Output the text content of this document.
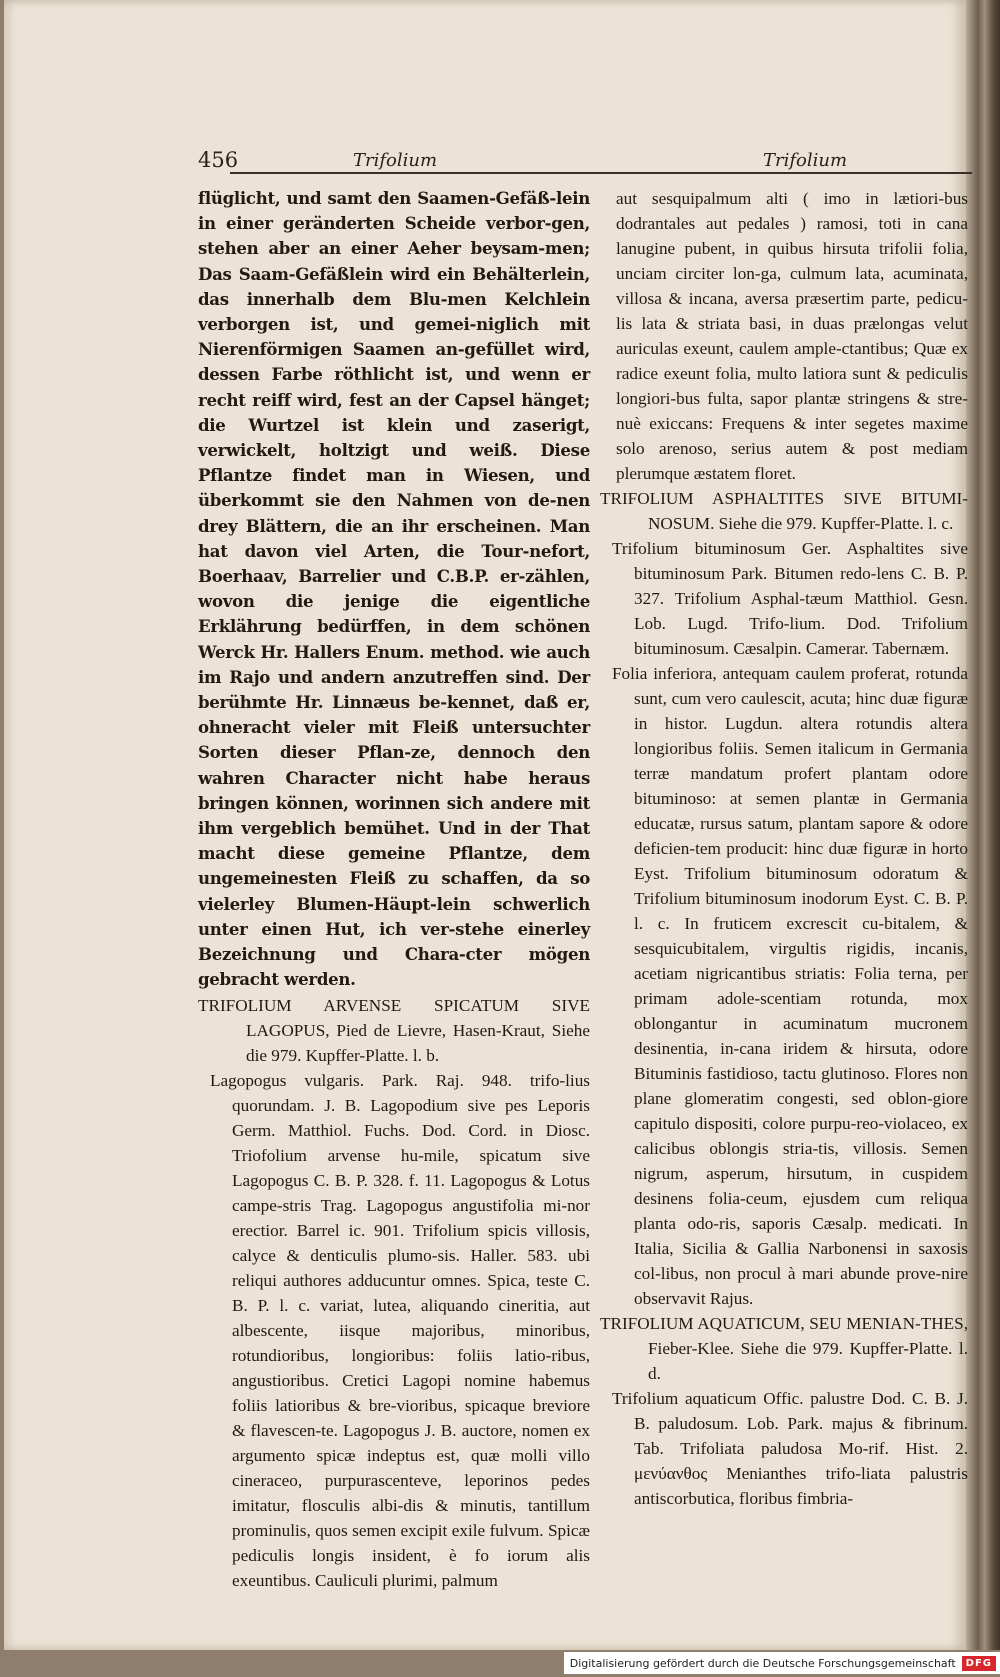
456	Trifolium	Trifolium

flüglicht, und samt den Saamen-Gefäß-lein in einer geränderten Scheide verbor-gen, stehen aber an einer Aeher beysam-men; Das Saam-Gefäßlein wird ein Behälterlein, das innerhalb dem Blu-men Kelchlein verborgen ist, und gemei-niglich mit Nierenförmigen Saamen an-gefüllet wird, dessen Farbe röthlicht ist, und wenn er recht reiff wird, fest an der Capsel hänget; die Wurtzel ist klein und zaserigt, verwickelt, holtzigt und weiß. Diese Pflantze findet man in Wiesen, und überkommt sie den Nahmen von de-nen drey Blättern, die an ihr erscheinen. Man hat davon viel Arten, die Tour-nefort, Boerhaav, Barrelier und C.B.P. er-zählen, wovon die jenige die eigentliche Erklährung bedürffen, in dem schönen Werck Hr. Hallers Enum. method. wie auch im Rajo und andern anzutreffen sind. Der berühmte Hr. Linnæus be-kennet, daß er, ohneracht vieler mit Fleiß untersuchter Sorten dieser Pflan-ze, dennoch den wahren Character nicht habe heraus bringen können, worinnen sich andere mit ihm vergeblich bemühet. Und in der That macht diese gemeine Pflantze, dem ungemeinesten Fleiß zu schaffen, da so vielerley Blumen-Häupt-lein schwerlich unter einen Hut, ich ver-stehe einerley Bezeichnung und Chara-cter mögen gebracht werden.

TRIFOLIUM ARVENSE SPICATUM SIVE LAGOPUS, Pied de Lievre, Hasen-Kraut, Siehe die 979. Kupffer-Platte. l. b.

Lagopogus vulgaris. Park. Raj. 948. trifo-lius quorundam. J. B. Lagopodium sive pes Leporis Germ. Matthiol. Fuchs. Dod. Cord. in Diosc. Triofolium arvense hu-mile, spicatum sive Lagopogus C. B. P. 328. f. 11. Lagopogus & Lotus campe-stris Trag. Lagopogus angustifolia mi-nor erectior. Barrel ic. 901. Trifolium spicis villosis, calyce & denticulis plumo-sis. Haller. 583. ubi reliqui authores adducuntur omnes. Spica, teste C. B. P. l. c. variat, lutea, aliquando cineritia, aut albescente, iisque majoribus, minoribus, rotundioribus, longioribus: foliis latio-ribus, angustioribus. Cretici Lagopi nomine habemus foliis latioribus & bre-vioribus, spicaque breviore & flavescen-te. Lagopogus J. B. auctore, nomen ex argumento spicæ indeptus est, quæ molli villo cineraceo, purpurascenteve, leporinos pedes imitatur, flosculis albi-dis & minutis, tantillum prominulis, quos semen excipit exile fulvum. Spicæ pediculis longis insident, è fo iorum alis exeuntibus. Cauliculi plurimi, palmum

aut sesquipalmum alti ( imo in lætiori-bus dodrantales aut pedales ) ramosi, toti in cana lanugine pubent, in quibus hirsuta trifolii folia, unciam circiter lon-ga, culmum lata, acuminata, villosa & incana, aversa præsertim parte, pedicu-lis lata & striata basi, in duas prælongas velut auriculas exeunt, caulem ample-ctantibus; Quæ ex radice exeunt folia, multo latiora sunt & pediculis longiori-bus fulta, sapor plantæ stringens & stre-nuè exiccans: Frequens & inter segetes maxime solo arenoso, serius autem & post mediam plerumque æstatem floret.

TRIFOLIUM ASPHALTITES SIVE BITUMI-NOSUM. Siehe die 979. Kupffer-Platte. l. c.

Trifolium bituminosum Ger. Asphaltites sive bituminosum Park. Bitumen redo-lens C. B. P. 327. Trifolium Asphal-tæum Matthiol. Gesn. Lob. Lugd. Trifo-lium. Dod. Trifolium bituminosum. Cæsalpin. Camerar. Tabernæm.

Folia inferiora, antequam caulem proferat, rotunda sunt, cum vero caulescit, acuta; hinc duæ figuræ in histor. Lugdun. altera rotundis altera longioribus foliis. Semen italicum in Germania terræ mandatum profert plantam odore bituminoso: at semen plantæ in Germania educatæ, rursus satum, plantam sapore & odore deficien-tem producit: hinc duæ figuræ in horto Eyst. Trifolium bituminosum odoratum & Trifolium bituminosum inodorum Eyst. C. B. P. l. c. In fruticem excrescit cu-bitalem, & sesquicubitalem, virgultis rigidis, incanis, acetiam nigricantibus striatis: Folia terna, per primam adole-scentiam rotunda, mox oblongantur in acuminatum mucronem desinentia, in-cana iridem & hirsuta, odore Bituminis fastidioso, tactu glutinoso. Flores non plane glomeratim congesti, sed oblon-giore capitulo dispositi, colore purpu-reo-violaceo, ex calicibus oblongis stria-tis, villosis. Semen nigrum, asperum, hirsutum, in cuspidem desinens folia-ceum, ejusdem cum reliqua planta odo-ris, saporis Cæsalp. medicati. In Italia, Sicilia & Gallia Narbonensi in saxosis col-libus, non procul à mari abunde prove-nire observavit Rajus.

TRIFOLIUM AQUATICUM, SEU MENIAN-THES, Fieber-Klee. Siehe die 979. Kupffer-Platte. l. d.

Trifolium aquaticum Offic. palustre Dod. C. B. J. B. paludosum. Lob. Park. majus & fibrinum. Tab. Trifoliata paludosa Mo-rif. Hist. 2. μενύανθος Menianthes trifo-liata palustris antiscorbutica, floribus fimbria-

Digitalisierung gefördert durch die Deutsche Forschungsgemeinschaft	DFG
